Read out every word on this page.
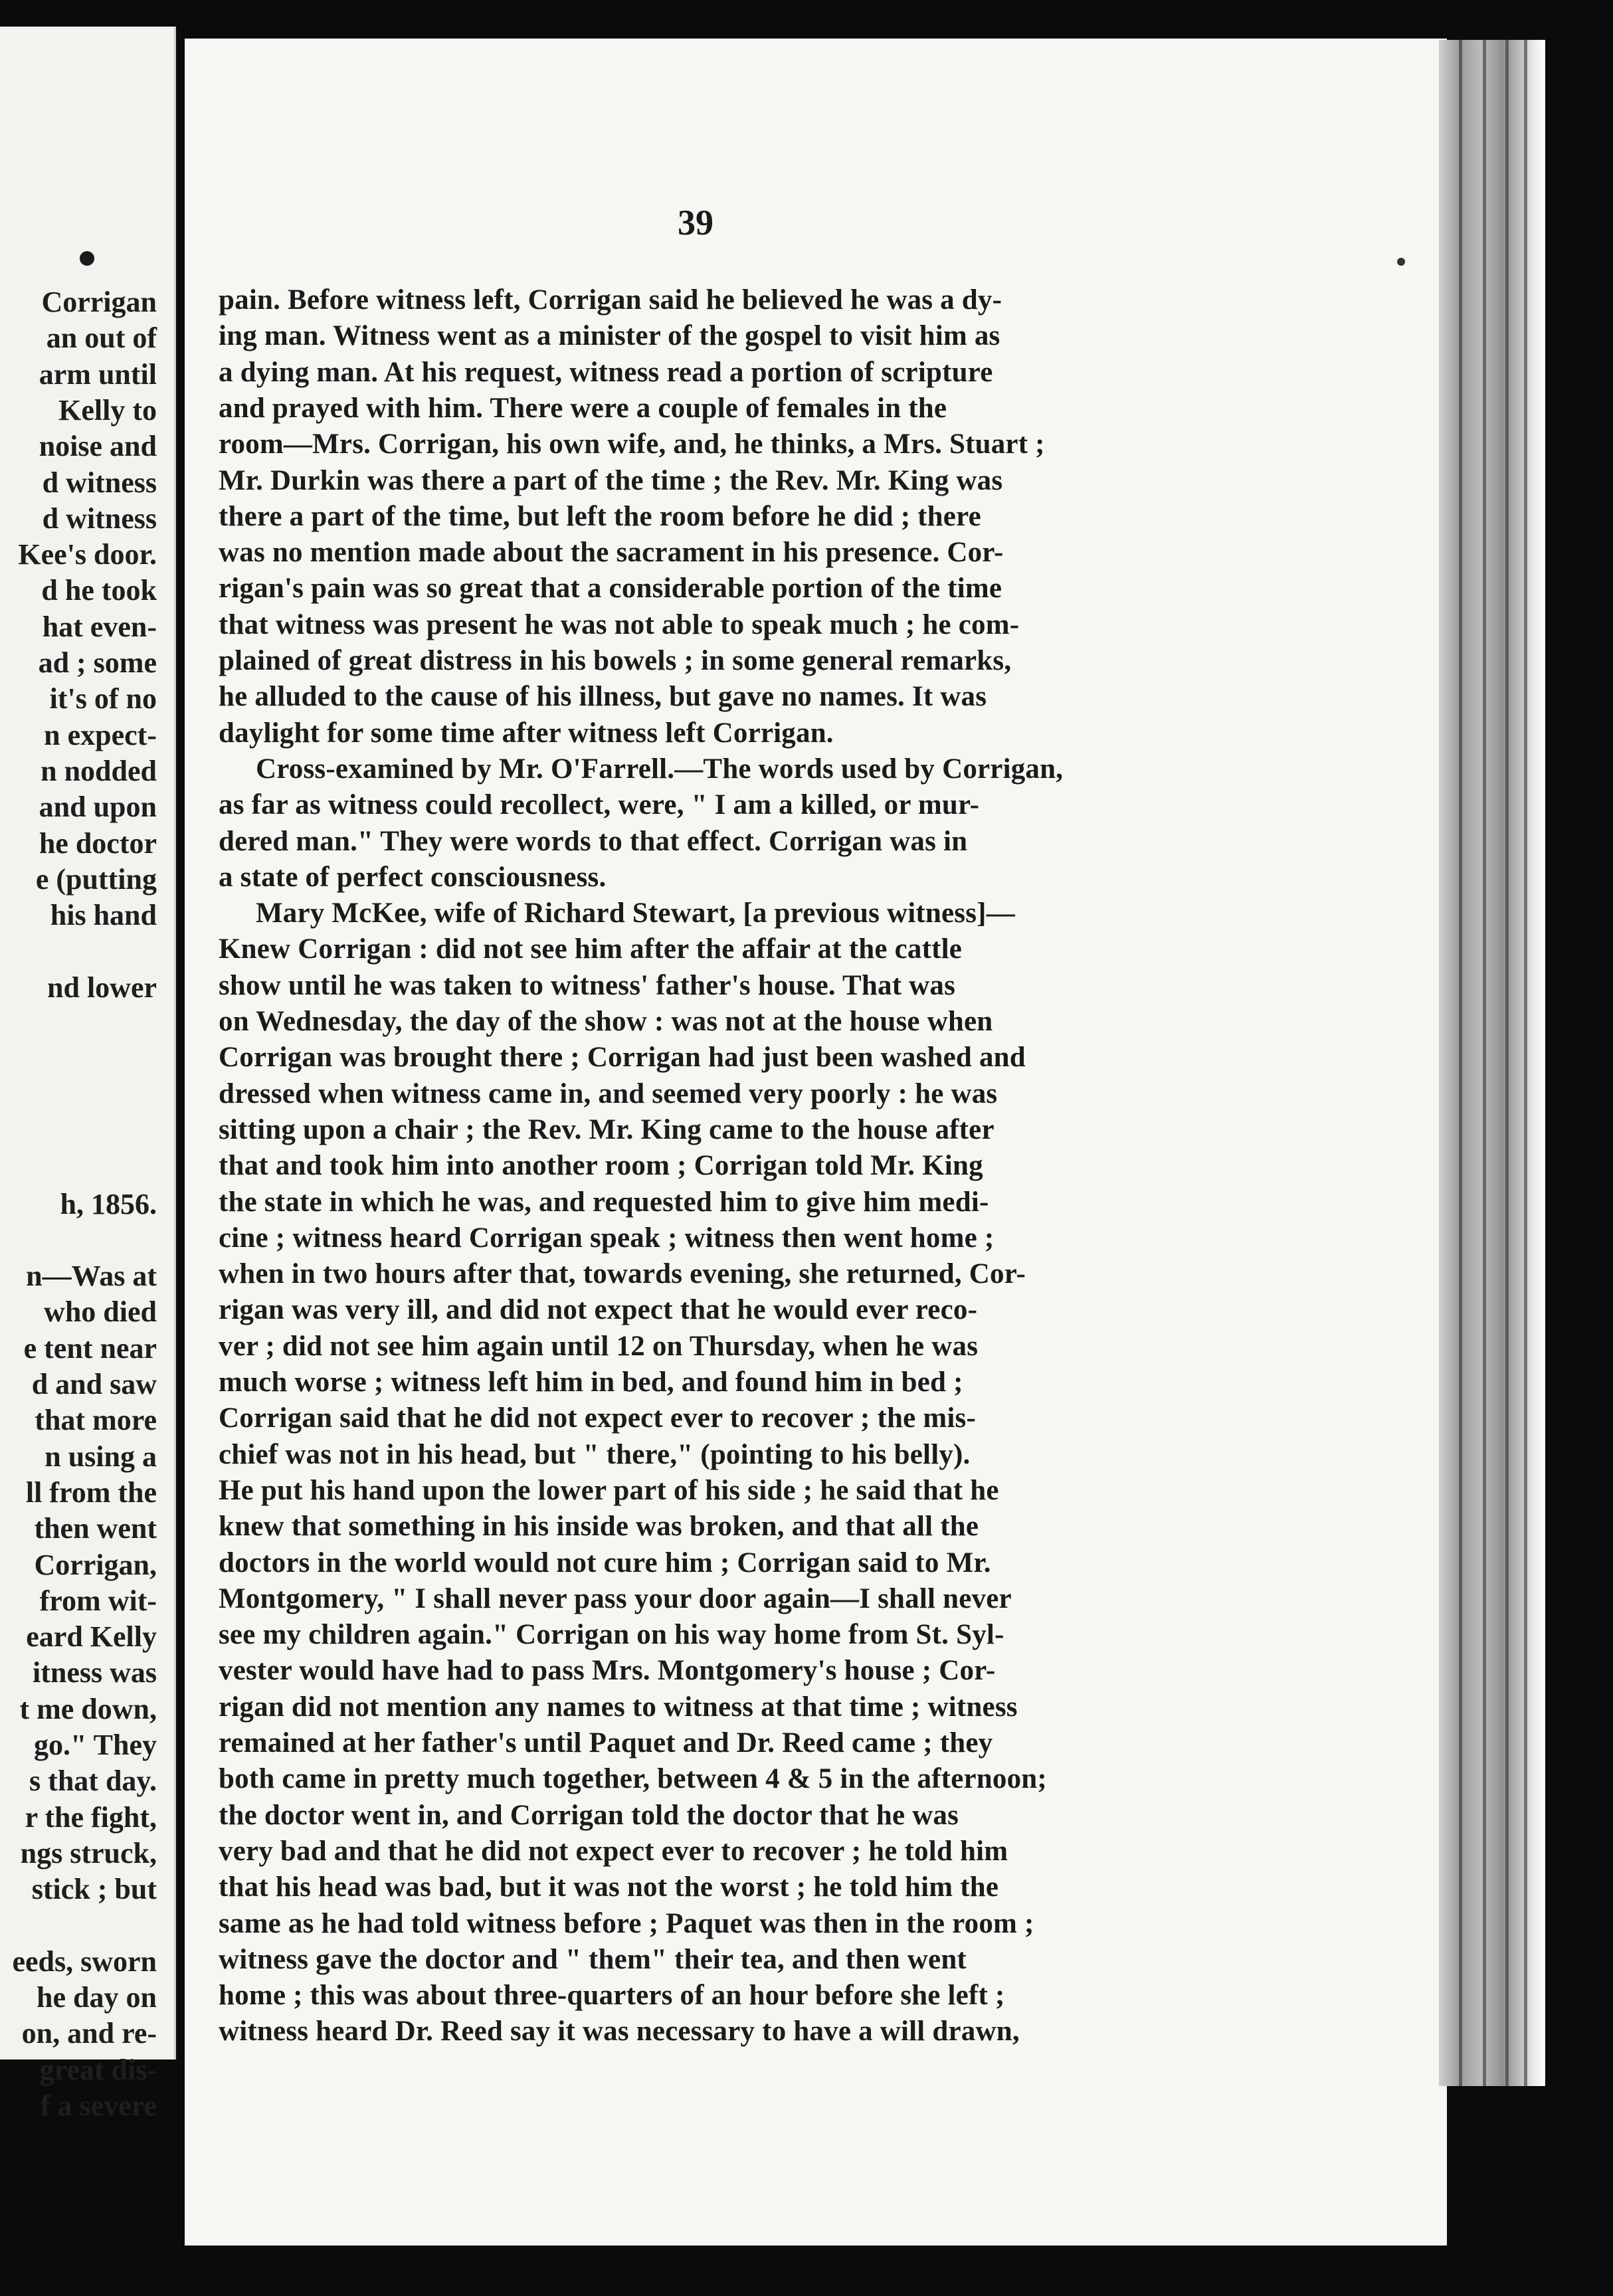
Corrigan
an out of
arm until
Kelly to
noise and
d witness
d witness
Kee's door.
d he took
hat even-
ad ; some
it's of no
n expect-
n nodded
and upon
he doctor
e (putting
his hand
nd lower
h, 1856.
n—Was at
who died
e tent near
d and saw
that more
n using a
ll from the
then went
Corrigan,
from wit-
eard Kelly
itness was
t me down,
go." They
s that day.
r the fight,
ngs struck,
stick ; but
eeds, sworn
he day on
on, and re-
great dis-
f a severe
39
pain. Before witness left, Corrigan said he believed he was a dy-
ing man. Witness went as a minister of the gospel to visit him as
a dying man. At his request, witness read a portion of scripture
and prayed with him. There were a couple of females in the
room—Mrs. Corrigan, his own wife, and, he thinks, a Mrs. Stuart ;
Mr. Durkin was there a part of the time ; the Rev. Mr. King was
there a part of the time, but left the room before he did ; there
was no mention made about the sacrament in his presence. Cor-
rigan's pain was so great that a considerable portion of the time
that witness was present he was not able to speak much ; he com-
plained of great distress in his bowels ; in some general remarks,
he alluded to the cause of his illness, but gave no names. It was
daylight for some time after witness left Corrigan.
Cross-examined by Mr. O'Farrell.—The words used by Corrigan,
as far as witness could recollect, were, " I am a killed, or mur-
dered man." They were words to that effect. Corrigan was in
a state of perfect consciousness.
Mary McKee, wife of Richard Stewart, [a previous witness]—
Knew Corrigan : did not see him after the affair at the cattle
show until he was taken to witness' father's house. That was
on Wednesday, the day of the show : was not at the house when
Corrigan was brought there ; Corrigan had just been washed and
dressed when witness came in, and seemed very poorly : he was
sitting upon a chair ; the Rev. Mr. King came to the house after
that and took him into another room ; Corrigan told Mr. King
the state in which he was, and requested him to give him medi-
cine ; witness heard Corrigan speak ; witness then went home ;
when in two hours after that, towards evening, she returned, Cor-
rigan was very ill, and did not expect that he would ever reco-
ver ; did not see him again until 12 on Thursday, when he was
much worse ; witness left him in bed, and found him in bed ;
Corrigan said that he did not expect ever to recover ; the mis-
chief was not in his head, but " there," (pointing to his belly).
He put his hand upon the lower part of his side ; he said that he
knew that something in his inside was broken, and that all the
doctors in the world would not cure him ; Corrigan said to Mr.
Montgomery, " I shall never pass your door again—I shall never
see my children again." Corrigan on his way home from St. Syl-
vester would have had to pass Mrs. Montgomery's house ; Cor-
rigan did not mention any names to witness at that time ; witness
remained at her father's until Paquet and Dr. Reed came ; they
both came in pretty much together, between 4 & 5 in the afternoon;
the doctor went in, and Corrigan told the doctor that he was
very bad and that he did not expect ever to recover ; he told him
that his head was bad, but it was not the worst ; he told him the
same as he had told witness before ; Paquet was then in the room ;
witness gave the doctor and " them" their tea, and then went
home ; this was about three-quarters of an hour before she left ;
witness heard Dr. Reed say it was necessary to have a will drawn,
